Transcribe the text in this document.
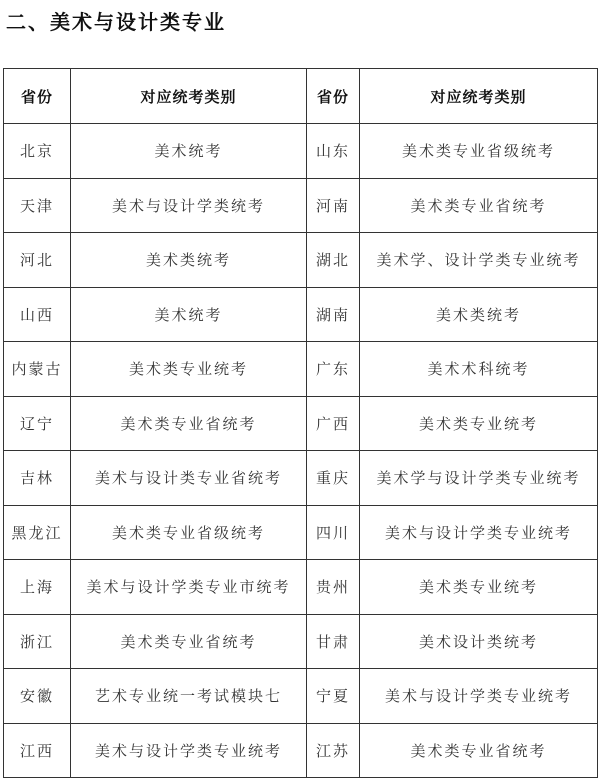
二、美术与设计类专业
省份	对应统考类别	省份	对应统考类别
北京	美术统考	山东	美术类专业省级统考
天津	美术与设计学类统考	河南	美术类专业省统考
河北	美术类统考	湖北	美术学、设计学类专业统考
山西	美术统考	湖南	美术类统考
内蒙古	美术类专业统考	广东	美术术科统考
辽宁	美术类专业省统考	广西	美术类专业统考
吉林	美术与设计类专业省统考	重庆	美术学与设计学类专业统考
黑龙江	美术类专业省级统考	四川	美术与设计学类专业统考
上海	美术与设计学类专业市统考	贵州	美术类专业统考
浙江	美术类专业省统考	甘肃	美术设计类统考
安徽	艺术专业统一考试模块七	宁夏	美术与设计学类专业统考
江西	美术与设计学类专业统考	江苏	美术类专业省统考
